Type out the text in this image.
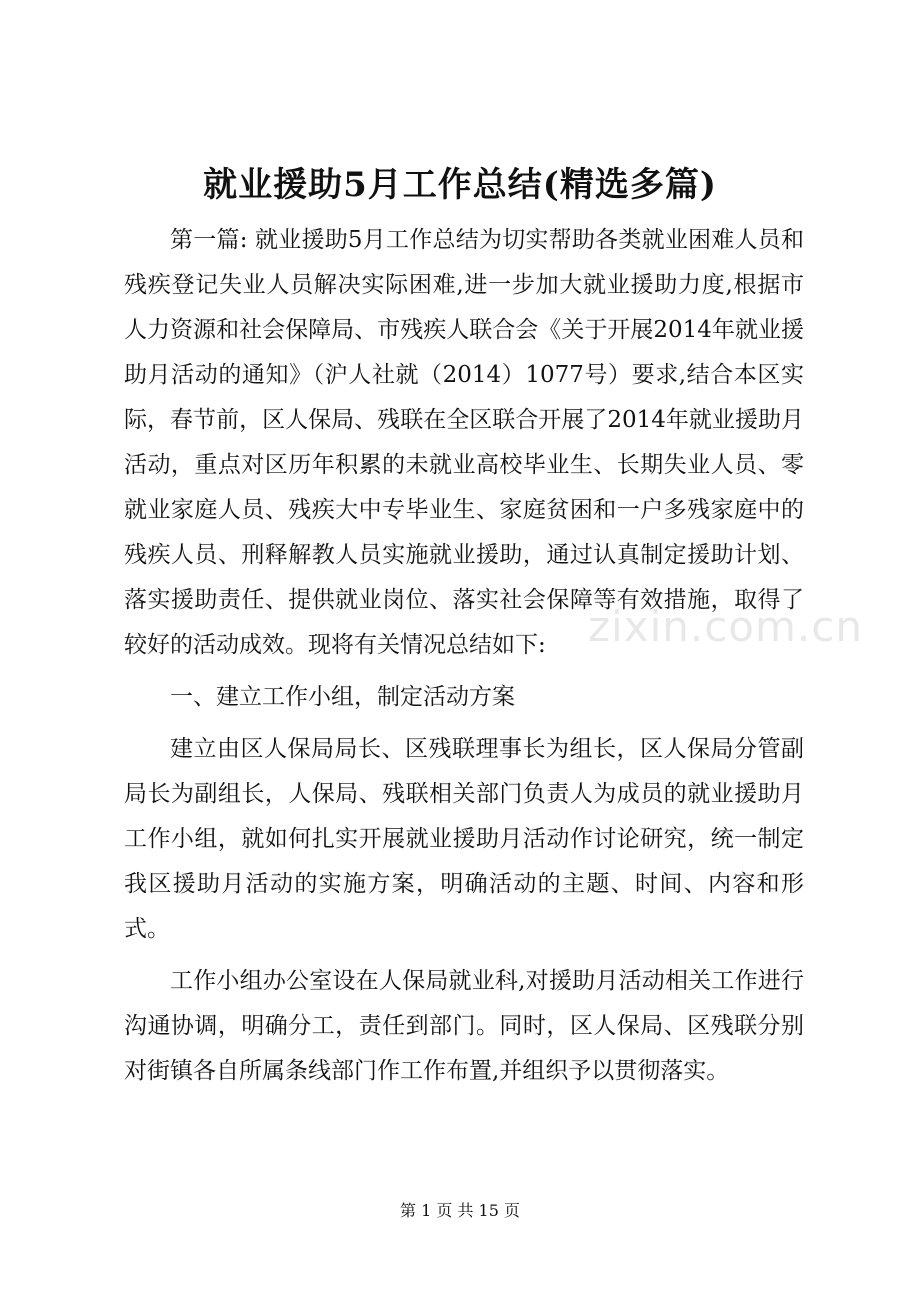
就业援助5月工作总结(精选多篇)

第一篇: 就业援助5月工作总结为切实帮助各类就业困难人员和残疾登记失业人员解决实际困难,进一步加大就业援助力度,根据市人力资源和社会保障局、市残疾人联合会《关于开展2014年就业援助月活动的通知》（沪人社就（2014）1077号）要求,结合本区实际，春节前，区人保局、残联在全区联合开展了2014年就业援助月活动，重点对区历年积累的未就业高校毕业生、长期失业人员、零就业家庭人员、残疾大中专毕业生、家庭贫困和一户多残家庭中的残疾人员、刑释解教人员实施就业援助，通过认真制定援助计划、落实援助责任、提供就业岗位、落实社会保障等有效措施，取得了较好的活动成效。现将有关情况总结如下:

一、建立工作小组，制定活动方案

建立由区人保局局长、区残联理事长为组长，区人保局分管副局长为副组长，人保局、残联相关部门负责人为成员的就业援助月工作小组，就如何扎实开展就业援助月活动作讨论研究，统一制定我区援助月活动的实施方案，明确活动的主题、时间、内容和形式。

工作小组办公室设在人保局就业科,对援助月活动相关工作进行沟通协调，明确分工，责任到部门。同时，区人保局、区残联分别对街镇各自所属条线部门作工作布置,并组织予以贯彻落实。

zixin.com.cn
第 1 页 共 15 页
